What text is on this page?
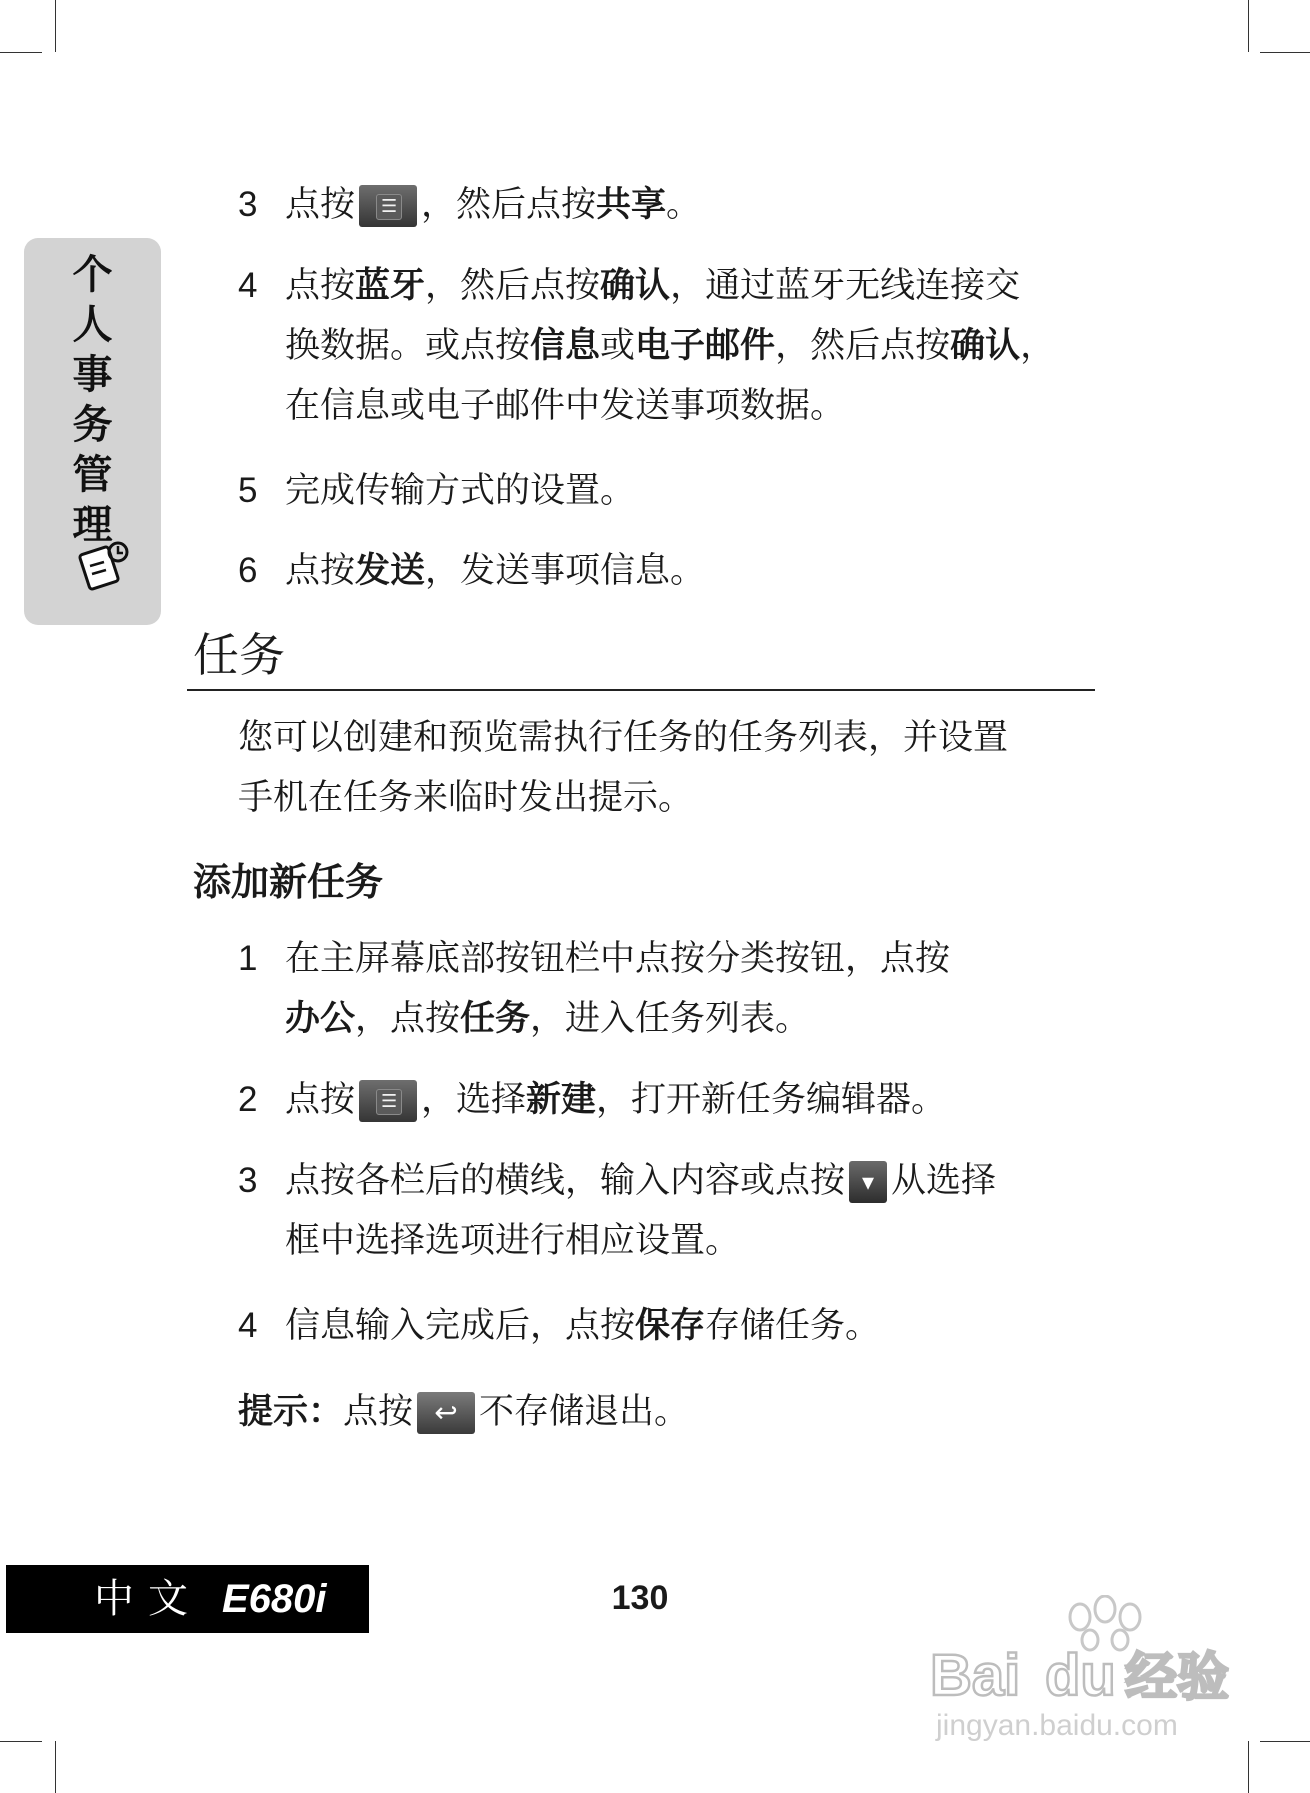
个
人
事
务
管
理
3 点按 ☰ ，然后点按共享。
4 点按蓝牙，然后点按确认，通过蓝牙无线连接交
换数据。或点按信息或电子邮件，然后点按确认，
在信息或电子邮件中发送事项数据。
5 完成传输方式的设置。
6 点按发送，发送事项信息。
任务
您可以创建和预览需执行任务的任务列表，并设置
手机在任务来临时发出提示。
添加新任务
1 在主屏幕底部按钮栏中点按分类按钮，点按
办公，点按任务，进入任务列表。
2 点按 ☰ ，选择新建，打开新任务编辑器。
3 点按各栏后的横线，输入内容或点按 ▾ 从选择
框中选择选项进行相应设置。
4 信息输入完成后，点按保存存储任务。
提示：点按 ↩ 不存储退出。
中文 E680i	130
Bai du 经验
jingyan.baidu.com
